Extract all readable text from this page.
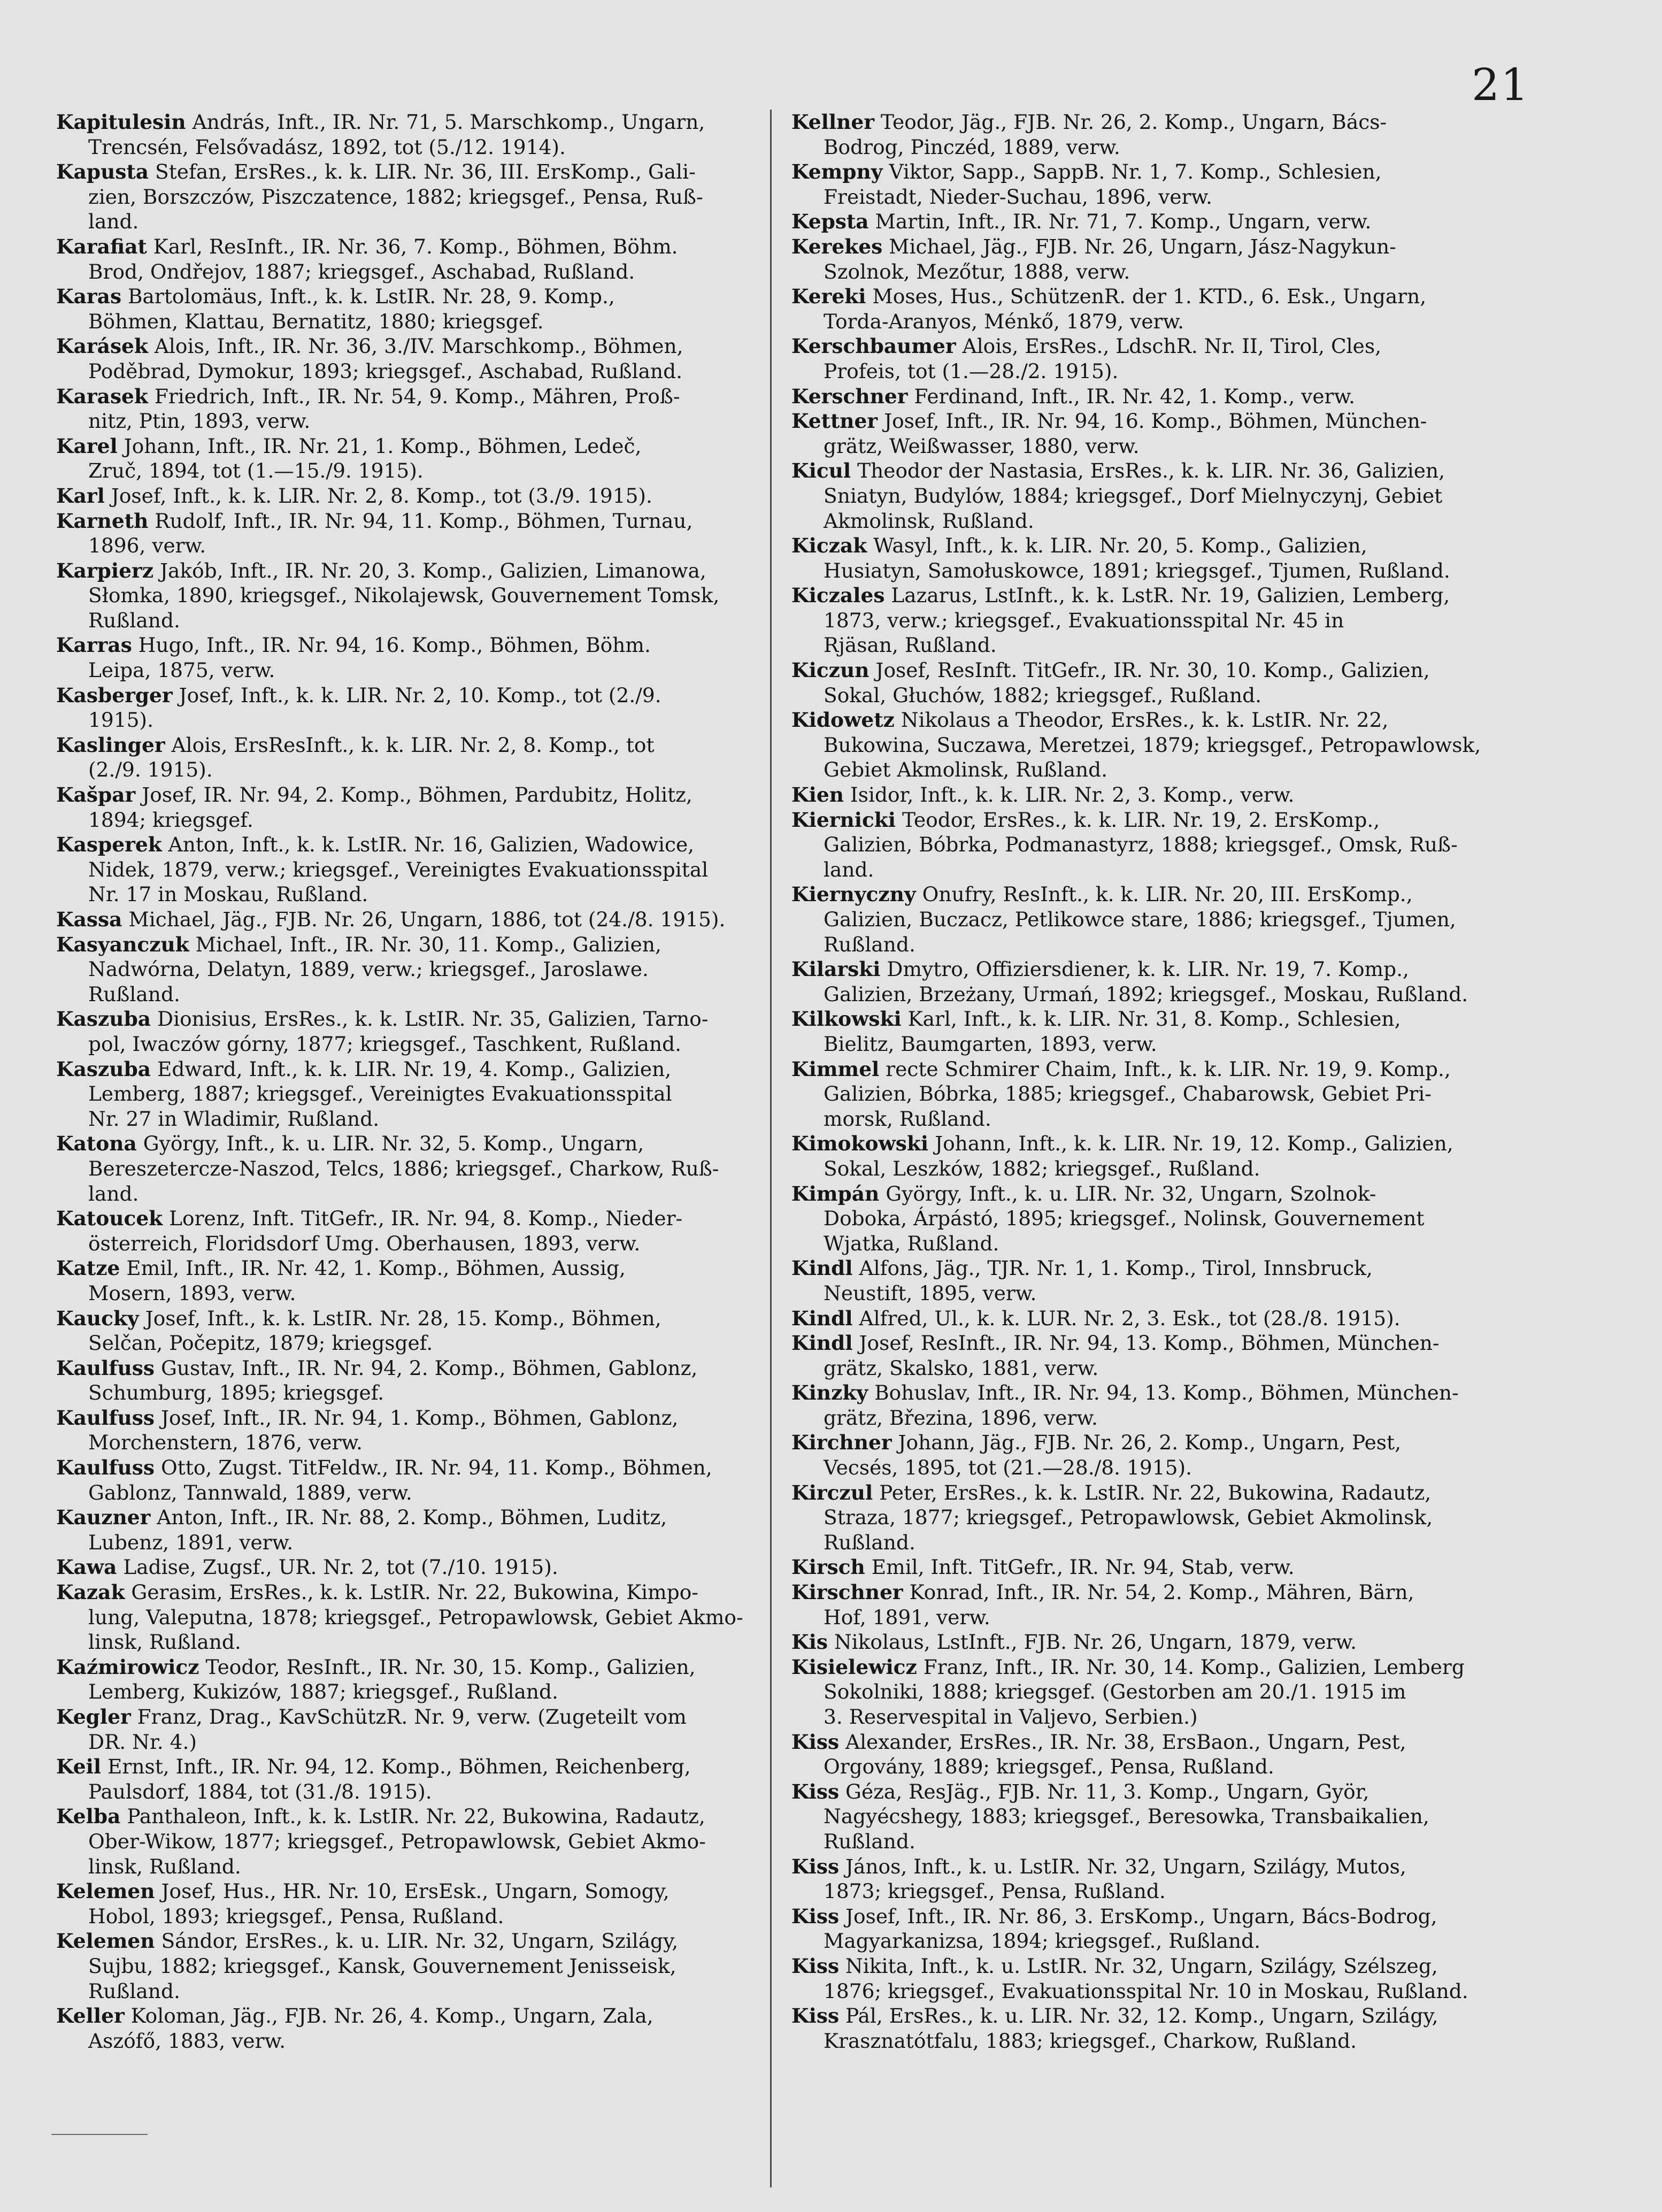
21
Kapitulesin András, Inft., IR. Nr. 71, 5. Marschkomp., Ungarn,
Trencsén, Felsővadász, 1892, tot (5./12. 1914).
Kapusta Stefan, ErsRes., k. k. LIR. Nr. 36, III. ErsKomp., Gali-
zien, Borszczów, Piszczatence, 1882; kriegsgef., Pensa, Ruß-
land.
Karafiat Karl, ResInft., IR. Nr. 36, 7. Komp., Böhmen, Böhm.
Brod, Ondřejov, 1887; kriegsgef., Aschabad, Rußland.
Karas Bartolomäus, Inft., k. k. LstIR. Nr. 28, 9. Komp.,
Böhmen, Klattau, Bernatitz, 1880; kriegsgef.
Karásek Alois, Inft., IR. Nr. 36, 3./IV. Marschkomp., Böhmen,
Poděbrad, Dymokur, 1893; kriegsgef., Aschabad, Rußland.
Karasek Friedrich, Inft., IR. Nr. 54, 9. Komp., Mähren, Proß-
nitz, Ptin, 1893, verw.
Karel Johann, Inft., IR. Nr. 21, 1. Komp., Böhmen, Ledeč,
Zruč, 1894, tot (1.—15./9. 1915).
Karl Josef, Inft., k. k. LIR. Nr. 2, 8. Komp., tot (3./9. 1915).
Karneth Rudolf, Inft., IR. Nr. 94, 11. Komp., Böhmen, Turnau,
1896, verw.
Karpierz Jakób, Inft., IR. Nr. 20, 3. Komp., Galizien, Limanowa,
Słomka, 1890, kriegsgef., Nikolajewsk, Gouvernement Tomsk,
Rußland.
Karras Hugo, Inft., IR. Nr. 94, 16. Komp., Böhmen, Böhm.
Leipa, 1875, verw.
Kasberger Josef, Inft., k. k. LIR. Nr. 2, 10. Komp., tot (2./9.
1915).
Kaslinger Alois, ErsResInft., k. k. LIR. Nr. 2, 8. Komp., tot
(2./9. 1915).
Kašpar Josef, IR. Nr. 94, 2. Komp., Böhmen, Pardubitz, Holitz,
1894; kriegsgef.
Kasperek Anton, Inft., k. k. LstIR. Nr. 16, Galizien, Wadowice,
Nidek, 1879, verw.; kriegsgef., Vereinigtes Evakuationsspital
Nr. 17 in Moskau, Rußland.
Kassa Michael, Jäg., FJB. Nr. 26, Ungarn, 1886, tot (24./8. 1915).
Kasyanczuk Michael, Inft., IR. Nr. 30, 11. Komp., Galizien,
Nadwórna, Delatyn, 1889, verw.; kriegsgef., Jaroslawe.
Rußland.
Kaszuba Dionisius, ErsRes., k. k. LstIR. Nr. 35, Galizien, Tarno-
pol, Iwaczów górny, 1877; kriegsgef., Taschkent, Rußland.
Kaszuba Edward, Inft., k. k. LIR. Nr. 19, 4. Komp., Galizien,
Lemberg, 1887; kriegsgef., Vereinigtes Evakuationsspital
Nr. 27 in Wladimir, Rußland.
Katona György, Inft., k. u. LIR. Nr. 32, 5. Komp., Ungarn,
Bereszetercze-Naszod, Telcs, 1886; kriegsgef., Charkow, Ruß-
land.
Katoucek Lorenz, Inft. TitGefr., IR. Nr. 94, 8. Komp., Nieder-
österreich, Floridsdorf Umg. Oberhausen, 1893, verw.
Katze Emil, Inft., IR. Nr. 42, 1. Komp., Böhmen, Aussig,
Mosern, 1893, verw.
Kaucky Josef, Inft., k. k. LstIR. Nr. 28, 15. Komp., Böhmen,
Selčan, Počepitz, 1879; kriegsgef.
Kaulfuss Gustav, Inft., IR. Nr. 94, 2. Komp., Böhmen, Gablonz,
Schumburg, 1895; kriegsgef.
Kaulfuss Josef, Inft., IR. Nr. 94, 1. Komp., Böhmen, Gablonz,
Morchenstern, 1876, verw.
Kaulfuss Otto, Zugst. TitFeldw., IR. Nr. 94, 11. Komp., Böhmen,
Gablonz, Tannwald, 1889, verw.
Kauzner Anton, Inft., IR. Nr. 88, 2. Komp., Böhmen, Luditz,
Lubenz, 1891, verw.
Kawa Ladise, Zugsf., UR. Nr. 2, tot (7./10. 1915).
Kazak Gerasim, ErsRes., k. k. LstIR. Nr. 22, Bukowina, Kimpo-
lung, Valeputna, 1878; kriegsgef., Petropawlowsk, Gebiet Akmo-
linsk, Rußland.
Kaźmirowicz Teodor, ResInft., IR. Nr. 30, 15. Komp., Galizien,
Lemberg, Kukizów, 1887; kriegsgef., Rußland.
Kegler Franz, Drag., KavSchützR. Nr. 9, verw. (Zugeteilt vom
DR. Nr. 4.)
Keil Ernst, Inft., IR. Nr. 94, 12. Komp., Böhmen, Reichenberg,
Paulsdorf, 1884, tot (31./8. 1915).
Kelba Panthaleon, Inft., k. k. LstIR. Nr. 22, Bukowina, Radautz,
Ober-Wikow, 1877; kriegsgef., Petropawlowsk, Gebiet Akmo-
linsk, Rußland.
Kelemen Josef, Hus., HR. Nr. 10, ErsEsk., Ungarn, Somogy,
Hobol, 1893; kriegsgef., Pensa, Rußland.
Kelemen Sándor, ErsRes., k. u. LIR. Nr. 32, Ungarn, Szilágy,
Sujbu, 1882; kriegsgef., Kansk, Gouvernement Jenisseisk,
Rußland.
Keller Koloman, Jäg., FJB. Nr. 26, 4. Komp., Ungarn, Zala,
Aszófő, 1883, verw.
Kellner Teodor, Jäg., FJB. Nr. 26, 2. Komp., Ungarn, Bács-
Bodrog, Pinczéd, 1889, verw.
Kempny Viktor, Sapp., SappB. Nr. 1, 7. Komp., Schlesien,
Freistadt, Nieder-Suchau, 1896, verw.
Kepsta Martin, Inft., IR. Nr. 71, 7. Komp., Ungarn, verw.
Kerekes Michael, Jäg., FJB. Nr. 26, Ungarn, Jász-Nagykun-
Szolnok, Mezőtur, 1888, verw.
Kereki Moses, Hus., SchützenR. der 1. KTD., 6. Esk., Ungarn,
Torda-Aranyos, Ménkő, 1879, verw.
Kerschbaumer Alois, ErsRes., LdschR. Nr. II, Tirol, Cles,
Profeis, tot (1.—28./2. 1915).
Kerschner Ferdinand, Inft., IR. Nr. 42, 1. Komp., verw.
Kettner Josef, Inft., IR. Nr. 94, 16. Komp., Böhmen, München-
grätz, Weißwasser, 1880, verw.
Kicul Theodor der Nastasia, ErsRes., k. k. LIR. Nr. 36, Galizien,
Sniatyn, Budylów, 1884; kriegsgef., Dorf Mielnyczynj, Gebiet
Akmolinsk, Rußland.
Kiczak Wasyl, Inft., k. k. LIR. Nr. 20, 5. Komp., Galizien,
Husiatyn, Samołuskowce, 1891; kriegsgef., Tjumen, Rußland.
Kiczales Lazarus, LstInft., k. k. LstR. Nr. 19, Galizien, Lemberg,
1873, verw.; kriegsgef., Evakuationsspital Nr. 45 in
Rjäsan, Rußland.
Kiczun Josef, ResInft. TitGefr., IR. Nr. 30, 10. Komp., Galizien,
Sokal, Głuchów, 1882; kriegsgef., Rußland.
Kidowetz Nikolaus a Theodor, ErsRes., k. k. LstIR. Nr. 22,
Bukowina, Suczawa, Meretzei, 1879; kriegsgef., Petropawlowsk,
Gebiet Akmolinsk, Rußland.
Kien Isidor, Inft., k. k. LIR. Nr. 2, 3. Komp., verw.
Kiernicki Teodor, ErsRes., k. k. LIR. Nr. 19, 2. ErsKomp.,
Galizien, Bóbrka, Podmanastyrz, 1888; kriegsgef., Omsk, Ruß-
land.
Kiernyczny Onufry, ResInft., k. k. LIR. Nr. 20, III. ErsKomp.,
Galizien, Buczacz, Petlikowce stare, 1886; kriegsgef., Tjumen,
Rußland.
Kilarski Dmytro, Offiziersdiener, k. k. LIR. Nr. 19, 7. Komp.,
Galizien, Brzeżany, Urmań, 1892; kriegsgef., Moskau, Rußland.
Kilkowski Karl, Inft., k. k. LIR. Nr. 31, 8. Komp., Schlesien,
Bielitz, Baumgarten, 1893, verw.
Kimmel recte Schmirer Chaim, Inft., k. k. LIR. Nr. 19, 9. Komp.,
Galizien, Bóbrka, 1885; kriegsgef., Chabarowsk, Gebiet Pri-
morsk, Rußland.
Kimokowski Johann, Inft., k. k. LIR. Nr. 19, 12. Komp., Galizien,
Sokal, Leszków, 1882; kriegsgef., Rußland.
Kimpán György, Inft., k. u. LIR. Nr. 32, Ungarn, Szolnok-
Doboka, Árpástó, 1895; kriegsgef., Nolinsk, Gouvernement
Wjatka, Rußland.
Kindl Alfons, Jäg., TJR. Nr. 1, 1. Komp., Tirol, Innsbruck,
Neustift, 1895, verw.
Kindl Alfred, Ul., k. k. LUR. Nr. 2, 3. Esk., tot (28./8. 1915).
Kindl Josef, ResInft., IR. Nr. 94, 13. Komp., Böhmen, München-
grätz, Skalsko, 1881, verw.
Kinzky Bohuslav, Inft., IR. Nr. 94, 13. Komp., Böhmen, München-
grätz, Březina, 1896, verw.
Kirchner Johann, Jäg., FJB. Nr. 26, 2. Komp., Ungarn, Pest,
Vecsés, 1895, tot (21.—28./8. 1915).
Kirczul Peter, ErsRes., k. k. LstIR. Nr. 22, Bukowina, Radautz,
Straza, 1877; kriegsgef., Petropawlowsk, Gebiet Akmolinsk,
Rußland.
Kirsch Emil, Inft. TitGefr., IR. Nr. 94, Stab, verw.
Kirschner Konrad, Inft., IR. Nr. 54, 2. Komp., Mähren, Bärn,
Hof, 1891, verw.
Kis Nikolaus, LstInft., FJB. Nr. 26, Ungarn, 1879, verw.
Kisielewicz Franz, Inft., IR. Nr. 30, 14. Komp., Galizien, Lemberg
Sokolniki, 1888; kriegsgef. (Gestorben am 20./1. 1915 im
3. Reservespital in Valjevo, Serbien.)
Kiss Alexander, ErsRes., IR. Nr. 38, ErsBaon., Ungarn, Pest,
Orgovány, 1889; kriegsgef., Pensa, Rußland.
Kiss Géza, ResJäg., FJB. Nr. 11, 3. Komp., Ungarn, Györ,
Nagyécshegy, 1883; kriegsgef., Beresowka, Transbaikalien,
Rußland.
Kiss János, Inft., k. u. LstIR. Nr. 32, Ungarn, Szilágy, Mutos,
1873; kriegsgef., Pensa, Rußland.
Kiss Josef, Inft., IR. Nr. 86, 3. ErsKomp., Ungarn, Bács-Bodrog,
Magyarkanizsa, 1894; kriegsgef., Rußland.
Kiss Nikita, Inft., k. u. LstIR. Nr. 32, Ungarn, Szilágy, Szélszeg,
1876; kriegsgef., Evakuationsspital Nr. 10 in Moskau, Rußland.
Kiss Pál, ErsRes., k. u. LIR. Nr. 32, 12. Komp., Ungarn, Szilágy,
Krasznatótfalu, 1883; kriegsgef., Charkow, Rußland.
